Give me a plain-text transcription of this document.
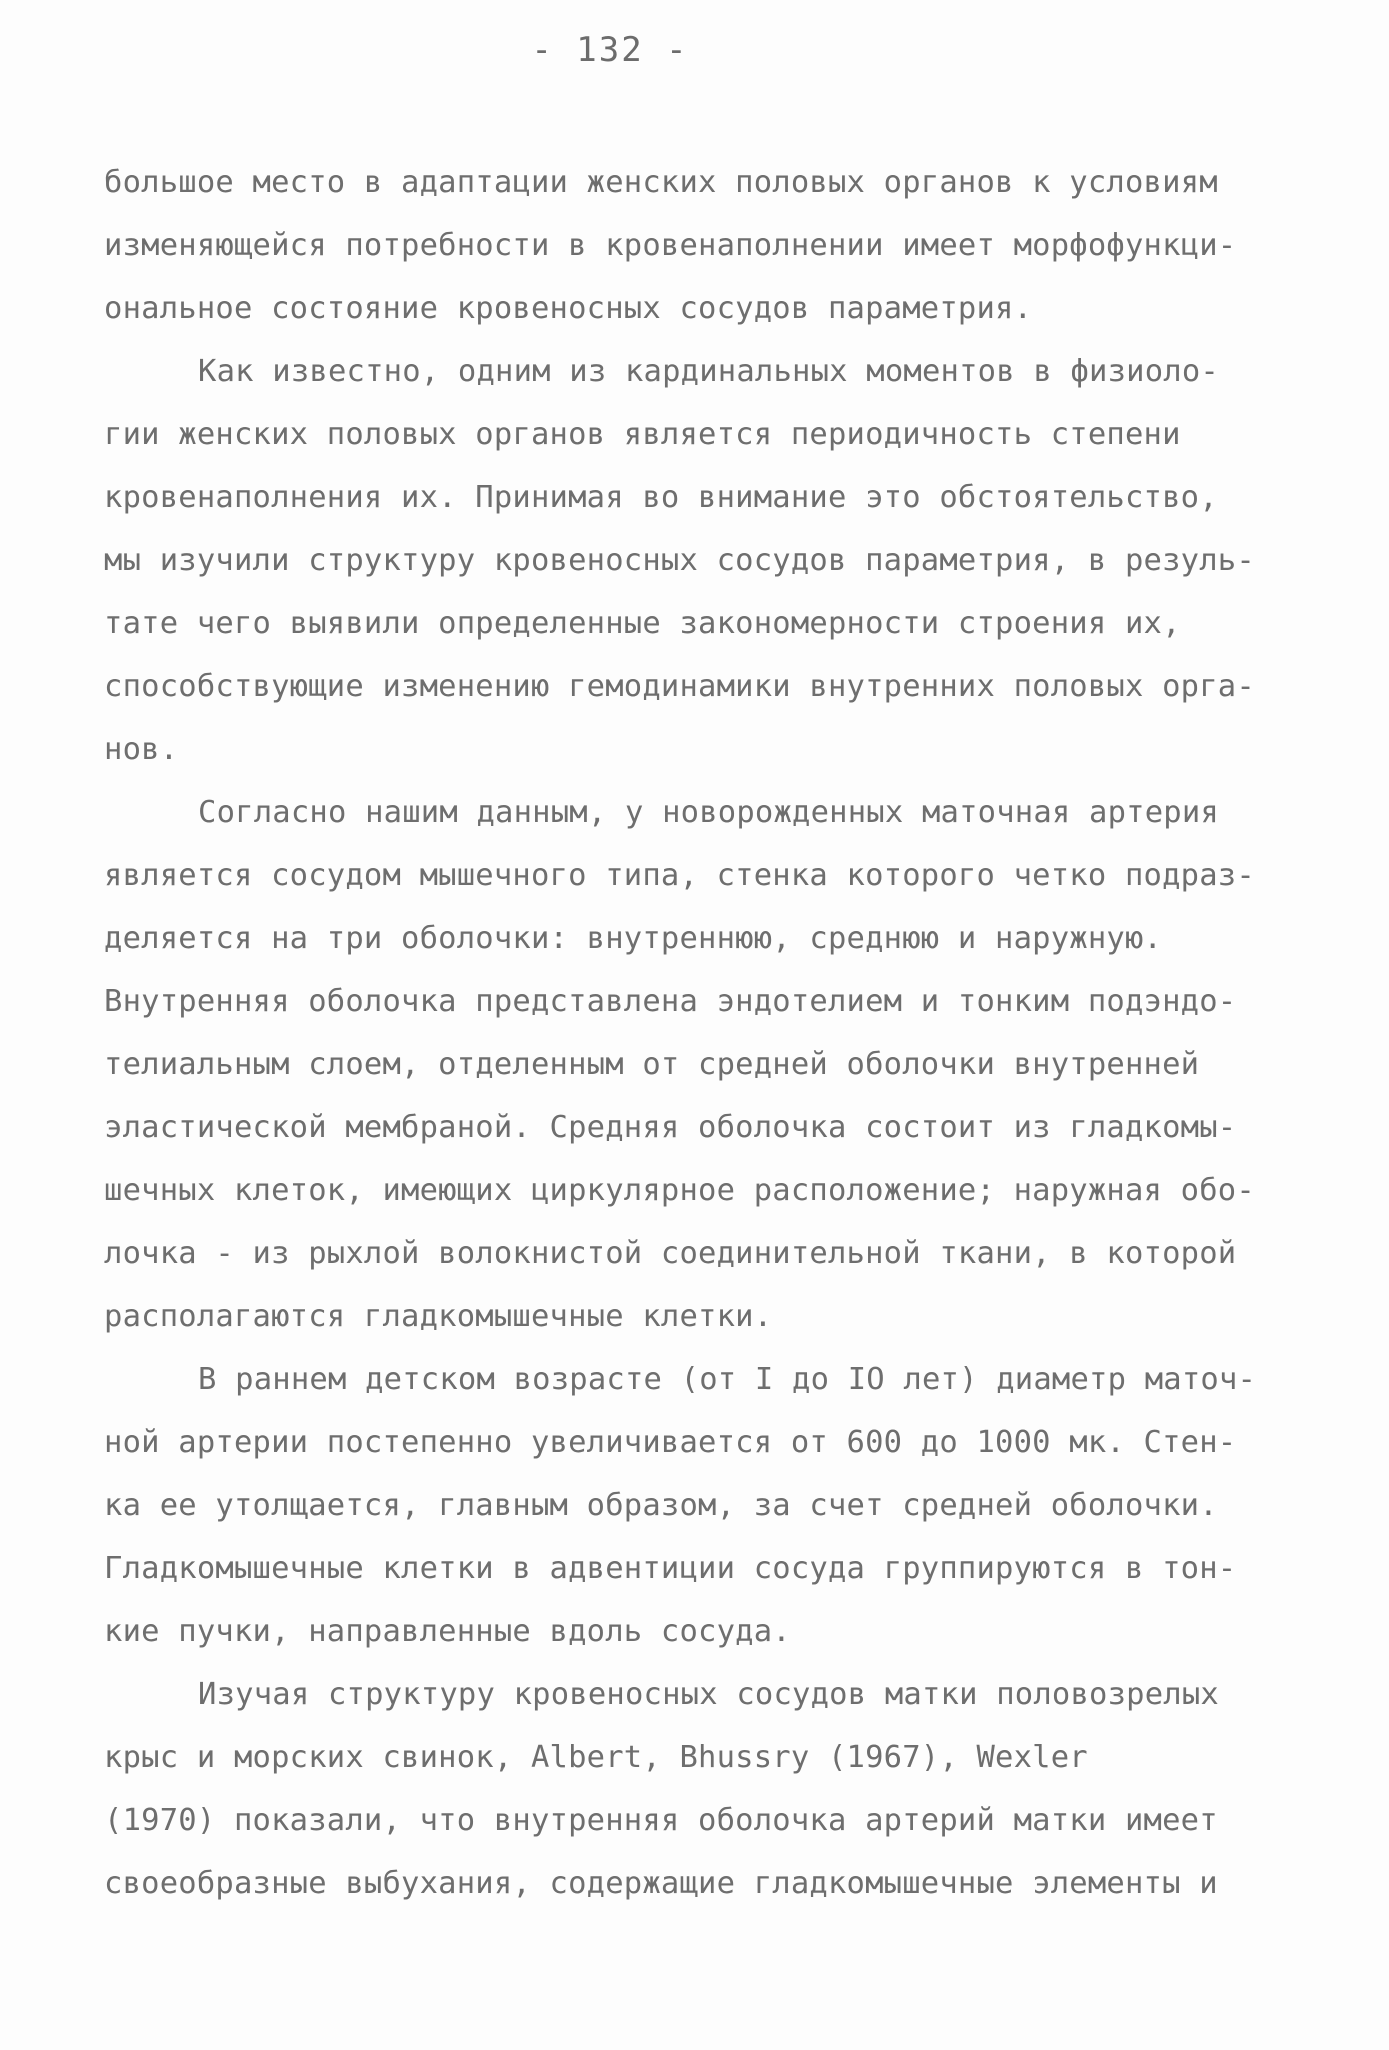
- 132 -
большое место в адаптации женских половых органов к условиям
изменяющейся потребности в кровенаполнении имеет морфофункци-
ональное состояние кровеносных сосудов параметрия.
Как известно, одним из кардинальных моментов в физиоло-
гии женских половых органов является периодичность степени
кровенаполнения их. Принимая во внимание это обстоятельство,
мы изучили структуру кровеносных сосудов параметрия, в резуль-
тате чего выявили определенные закономерности строения их,
способствующие изменению гемодинамики внутренних половых орга-
нов.
Согласно нашим данным, у новорожденных маточная артерия
является сосудом мышечного типа, стенка которого четко подраз-
деляется на три оболочки: внутреннюю, среднюю и наружную.
Внутренняя оболочка представлена эндотелием и тонким подэндо-
телиальным слоем, отделенным от средней оболочки внутренней
эластической мембраной. Средняя оболочка состоит из гладкомы-
шечных клеток, имеющих циркулярное расположение; наружная обо-
лочка - из рыхлой волокнистой соединительной ткани, в которой
располагаются гладкомышечные клетки.
В раннем детском возрасте (от I до IO лет) диаметр маточ-
ной артерии постепенно увеличивается от 600 до 1000 мк. Стен-
ка ее утолщается, главным образом, за счет средней оболочки.
Гладкомышечные клетки в адвентиции сосуда группируются в тон-
кие пучки, направленные вдоль сосуда.
Изучая структуру кровеносных сосудов матки половозрелых
крыс и морских свинок, Albert, Bhussry (1967), Wexler
(1970) показали, что внутренняя оболочка артерий матки имеет
своеобразные выбухания, содержащие гладкомышечные элементы и
